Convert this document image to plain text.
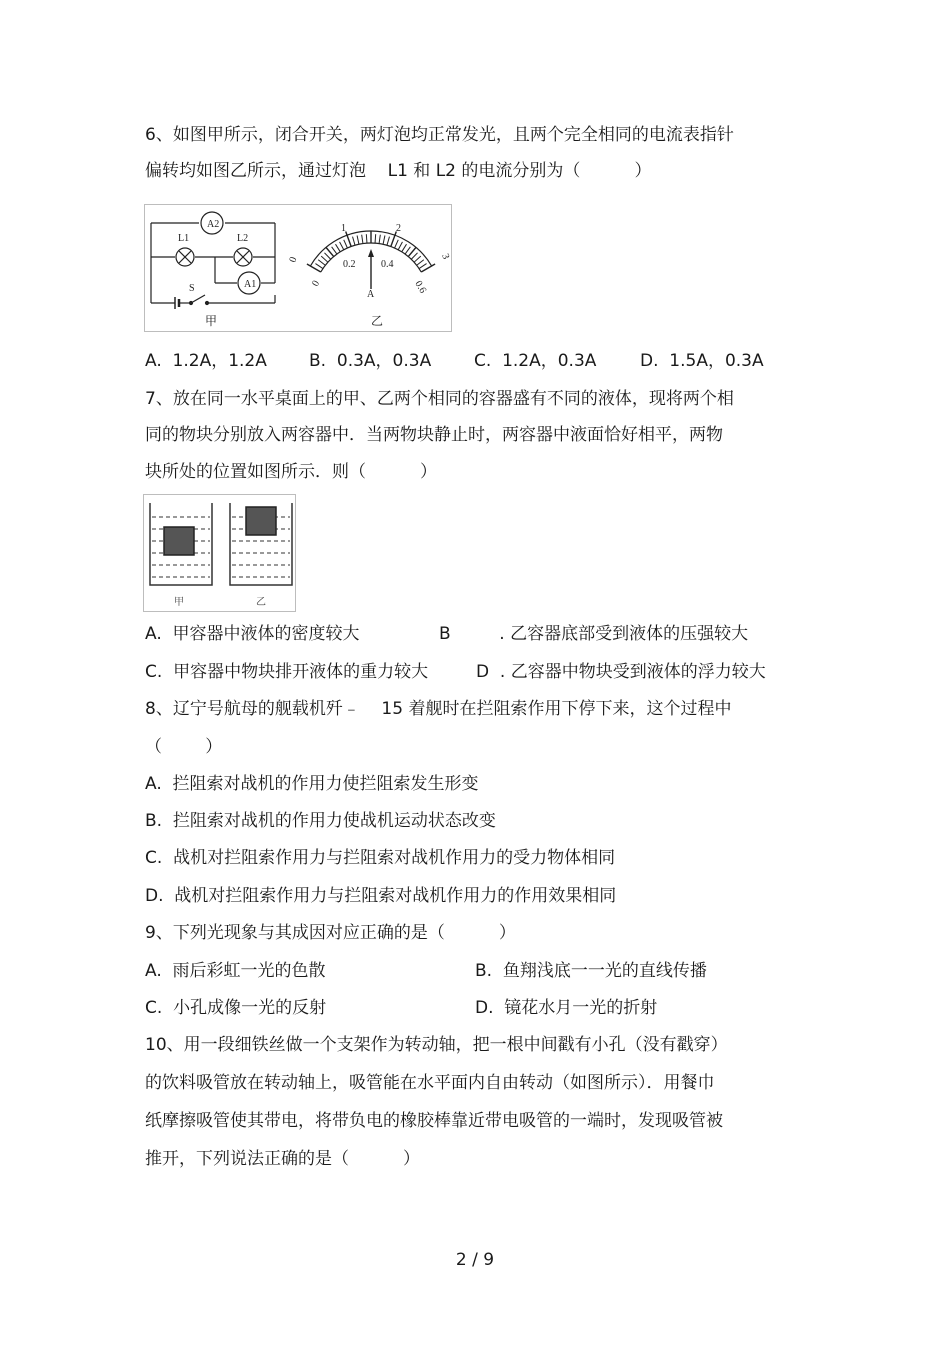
6、如图甲所示，闭合开关，两灯泡均正常发光，且两个完全相同的电流表指针
偏转均如图乙所示，通过灯泡    L1 和 L2 的电流分别为（          ）
A2
A1
L1	L2
S
甲
0
1	2
3
0
0.2	0.4
0.6
A
乙
A.  1.2A，1.2A B.  0.3A，0.3A	C.  1.2A，0.3A	D.  1.5A，0.3A
7、放在同一水平桌面上的甲、乙两个相同的容器盛有不同的液体，现将两个相
同的物块分别放入两容器中．当两物块静止时，两容器中液面恰好相平，两物
块所处的位置如图所示．则（          ）
甲	乙
A.  甲容器中液体的密度较大	B         . 乙容器底部受到液体的压强较大
C.  甲容器中物块排开液体的重力较大	D  . 乙容器中物块受到液体的浮力较大
8、辽宁号航母的舰载机歼﹣    15 着舰时在拦阻索作用下停下来，这个过程中
（        ）
A.  拦阻索对战机的作用力使拦阻索发生形变
B.  拦阻索对战机的作用力使战机运动状态改变
C.  战机对拦阻索作用力与拦阻索对战机作用力的受力物体相同
D.  战机对拦阻索作用力与拦阻索对战机作用力的作用效果相同
9、下列光现象与其成因对应正确的是（          ）
A.  雨后彩虹一光的色散	B.  鱼翔浅底一一光的直线传播
C.  小孔成像一光的反射	D.  镜花水月一光的折射
10、用一段细铁丝做一个支架作为转动轴，把一根中间戳有小孔（没有戳穿）
的饮料吸管放在转动轴上，吸管能在水平面内自由转动（如图所示）．用餐巾
纸摩擦吸管使其带电，将带负电的橡胶棒靠近带电吸管的一端时，发现吸管被
推开，下列说法正确的是（          ）
2 / 9
